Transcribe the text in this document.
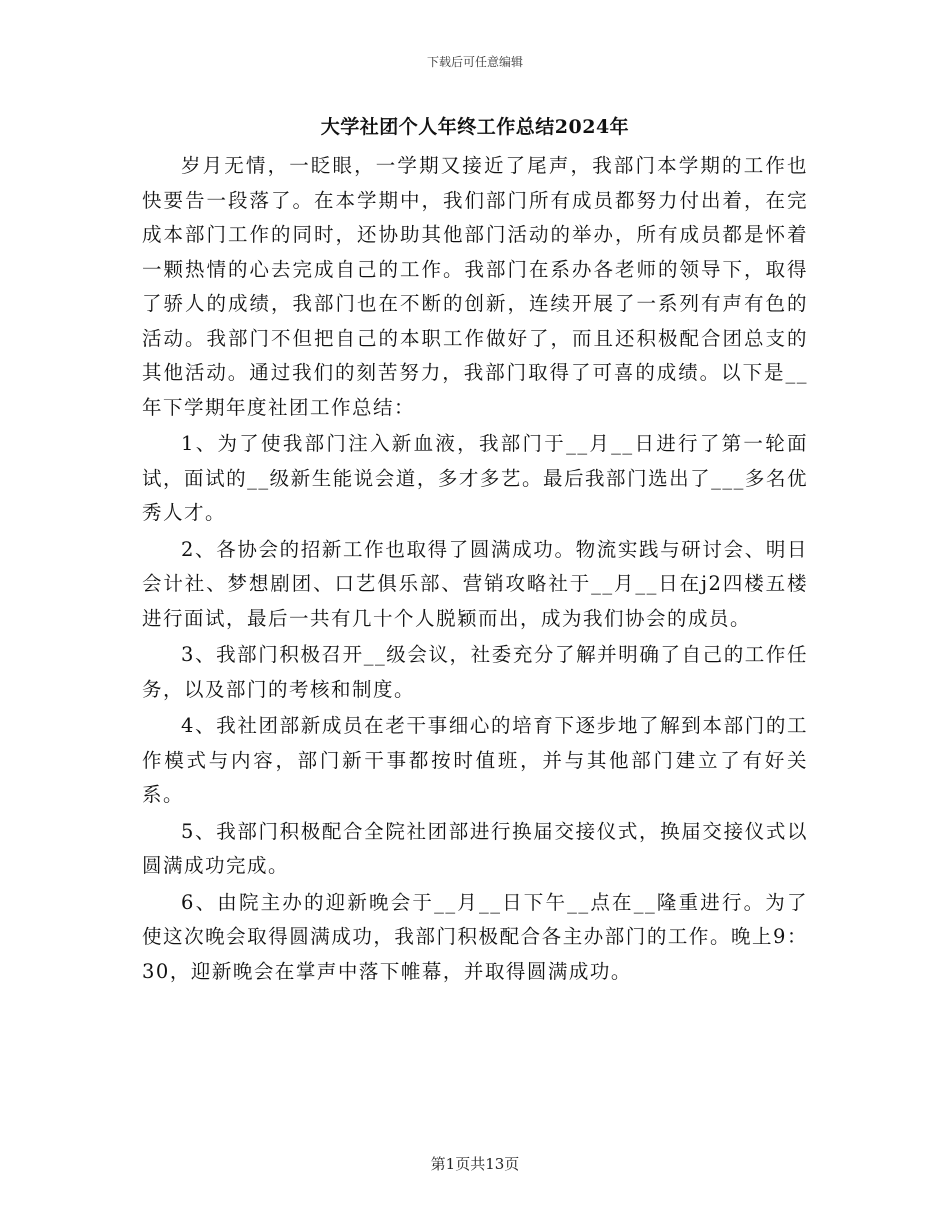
下载后可任意编辑
大学社团个人年终工作总结2024年

岁月无情，一眨眼，一学期又接近了尾声，我部门本学期的工作也快要告一段落了。在本学期中，我们部门所有成员都努力付出着，在完成本部门工作的同时，还协助其他部门活动的举办，所有成员都是怀着一颗热情的心去完成自己的工作。我部门在系办各老师的领导下，取得了骄人的成绩，我部门也在不断的创新，连续开展了一系列有声有色的活动。我部门不但把自己的本职工作做好了，而且还积极配合团总支的其他活动。通过我们的刻苦努力，我部门取得了可喜的成绩。以下是__年下学期年度社团工作总结：

1、为了使我部门注入新血液，我部门于__月__日进行了第一轮面试，面试的__级新生能说会道，多才多艺。最后我部门选出了___多名优秀人才。

2、各协会的招新工作也取得了圆满成功。物流实践与研讨会、明日会计社、梦想剧团、口艺俱乐部、营销攻略社于__月__日在j2四楼五楼进行面试，最后一共有几十个人脱颖而出，成为我们协会的成员。

3、我部门积极召开__级会议，社委充分了解并明确了自己的工作任务，以及部门的考核和制度。

4、我社团部新成员在老干事细心的培育下逐步地了解到本部门的工作模式与内容，部门新干事都按时值班，并与其他部门建立了有好关系。

5、我部门积极配合全院社团部进行换届交接仪式，换届交接仪式以圆满成功完成。

6、由院主办的迎新晚会于__月__日下午__点在__隆重进行。为了使这次晚会取得圆满成功，我部门积极配合各主办部门的工作。晚上9：30，迎新晚会在掌声中落下帷幕，并取得圆满成功。

第1页共13页
